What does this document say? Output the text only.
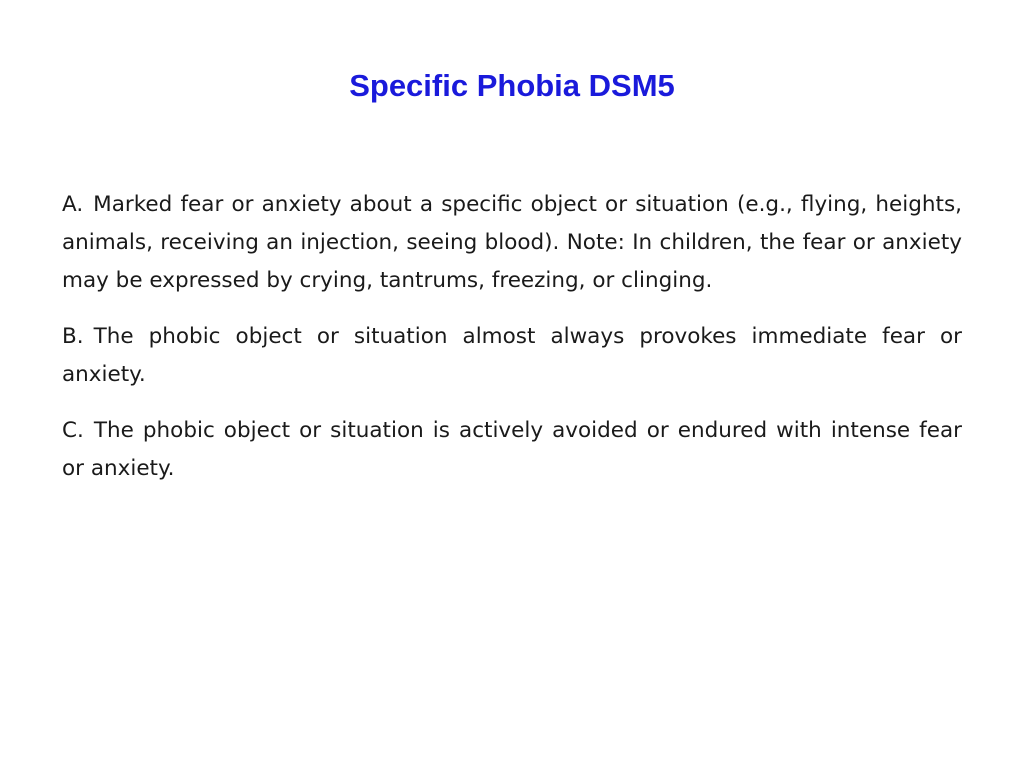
Specific Phobia DSM5

A. Marked fear or anxiety about a specific object or situation (e.g., flying, heights, animals, receiving an injection, seeing blood). Note: In children, the fear or anxiety may be expressed by crying, tantrums, freezing, or clinging.

B. The phobic object or situation almost always provokes immediate fear or anxiety.

C. The phobic object or situation is actively avoided or endured with intense fear or anxiety.
